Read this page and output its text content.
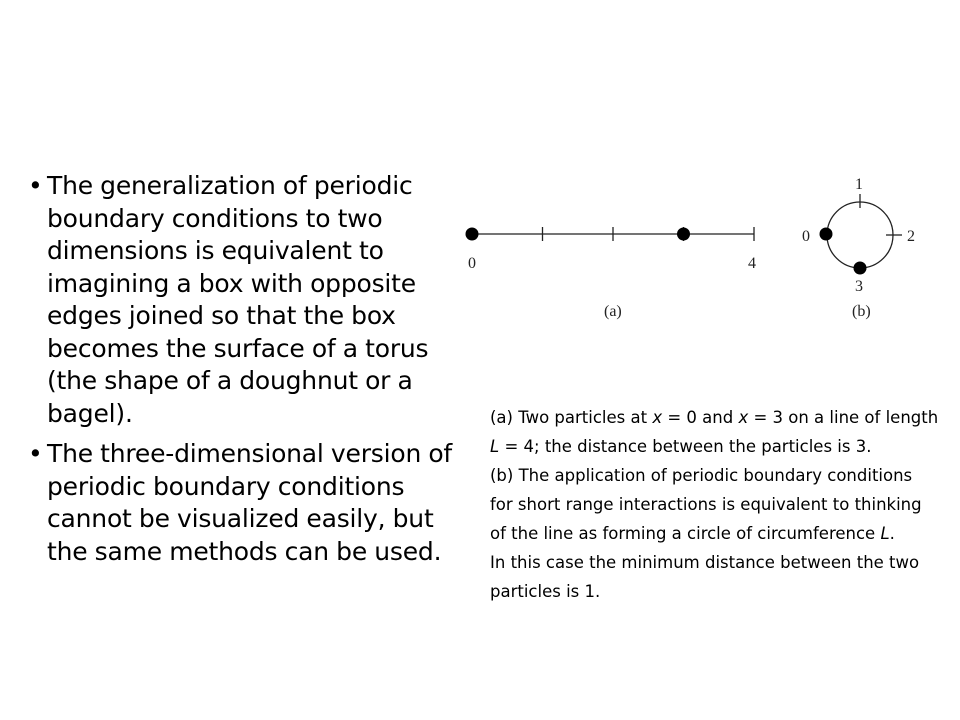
• The generalization of periodic boundary conditions to two dimensions is equivalent to imagining a box with opposite edges joined so that the box becomes the surface of a torus (the shape of a doughnut or a bagel).
• The three-dimensional version of periodic boundary conditions cannot be visualized easily, but the same methods can be used.
0	4
(a)
1
2
3
0
(b)

(a) Two particles at x = 0 and x = 3 on a line of length L = 4; the distance between the particles is 3.

(b) The application of periodic boundary conditions for short range interactions is equivalent to thinking of the line as forming a circle of circumference L.

In this case the minimum distance between the two particles is 1.
